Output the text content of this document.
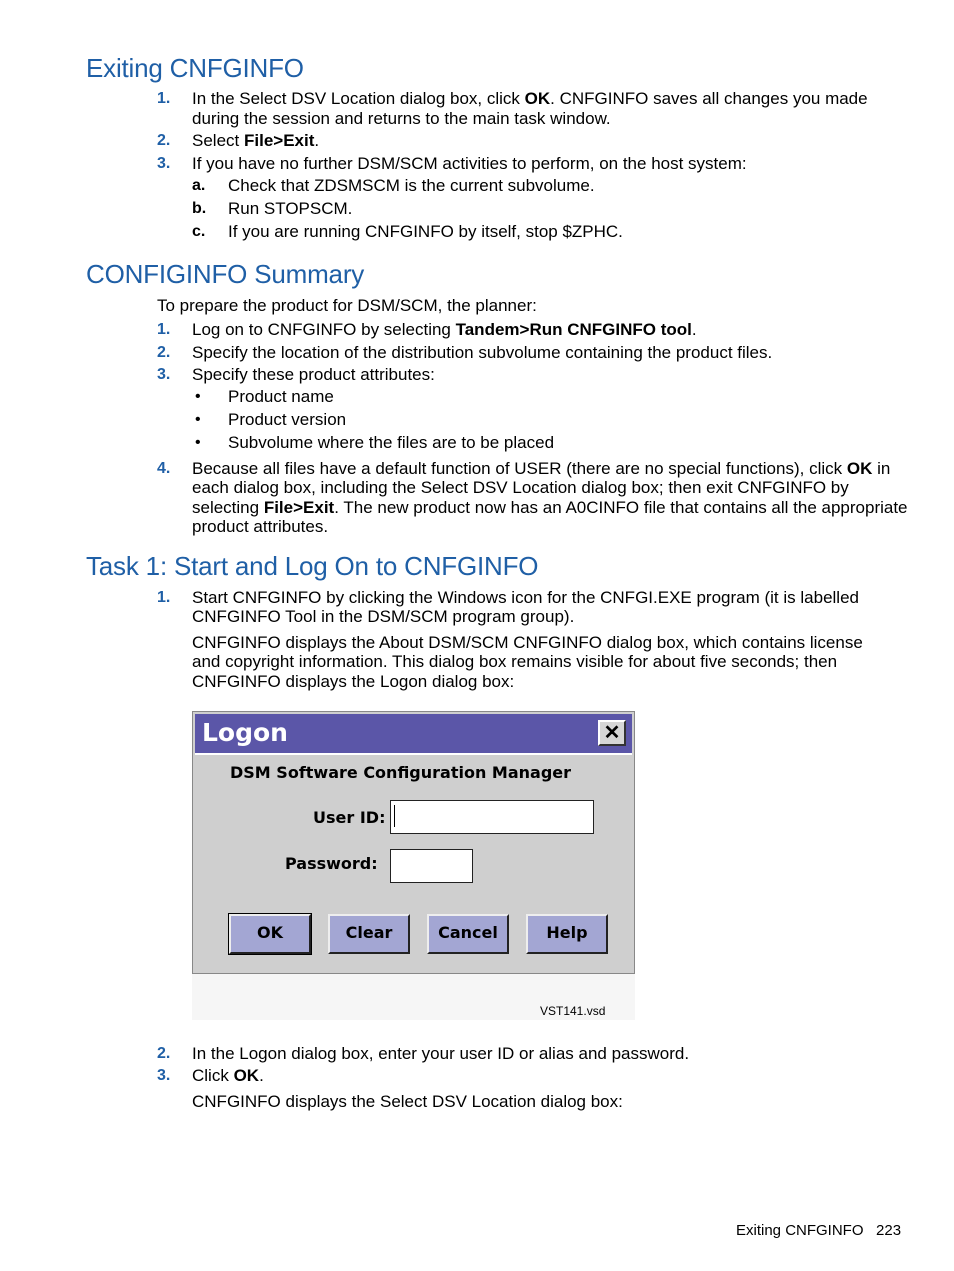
Exiting CNFGINFO
1. In the Select DSV Location dialog box, click OK. CNFGINFO saves all changes you made

during the session and returns to the main task window.

2. Select File>Exit.

3. If you have no further DSM/SCM activities to perform, on the host system:

a. Check that ZDSMSCM is the current subvolume.

b. Run STOPSCM.

c. If you are running CNFGINFO by itself, stop $ZPHC.

CONFIGINFO Summary

To prepare the product for DSM/SCM, the planner:

1. Log on to CNFGINFO by selecting Tandem>Run CNFGINFO tool.

2. Specify the location of the distribution subvolume containing the product files.

3. Specify these product attributes:

• Product name

• Product version

• Subvolume where the files are to be placed

4. Because all files have a default function of USER (there are no special functions), click OK in

each dialog box, including the Select DSV Location dialog box; then exit CNFGINFO by

selecting File>Exit. The new product now has an A0CINFO file that contains all the appropriate

product attributes.

Task 1: Start and Log On to CNFGINFO
1. Start CNFGINFO by clicking the Windows icon for the CNFGI.EXE program (it is labelled

CNFGINFO Tool in the DSM/SCM program group).

CNFGINFO displays the About DSM/SCM CNFGINFO dialog box, which contains license

and copyright information. This dialog box remains visible for about five seconds; then

CNFGINFO displays the Logon dialog box:

Logon	✕
DSM Software Configuration Manager
User ID:
Password:
OK	Clear	Cancel	Help
VST141.vsd
2. In the Logon dialog box, enter your user ID or alias and password.

3. Click OK.

CNFGINFO displays the Select DSV Location dialog box:

Exiting CNFGINFO 223
